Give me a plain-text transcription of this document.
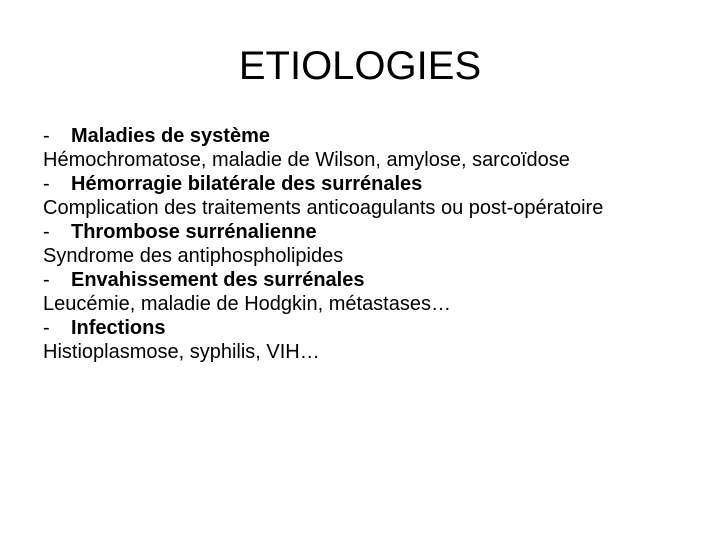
ETIOLOGIES

- Maladies de système

Hémochromatose, maladie de Wilson, amylose, sarcoïdose

- Hémorragie bilatérale des surrénales

Complication des traitements anticoagulants ou post-opératoire

- Thrombose surrénalienne

Syndrome des antiphospholipides

- Envahissement des surrénales

Leucémie, maladie de Hodgkin, métastases…

- Infections

Histioplasmose, syphilis, VIH…
